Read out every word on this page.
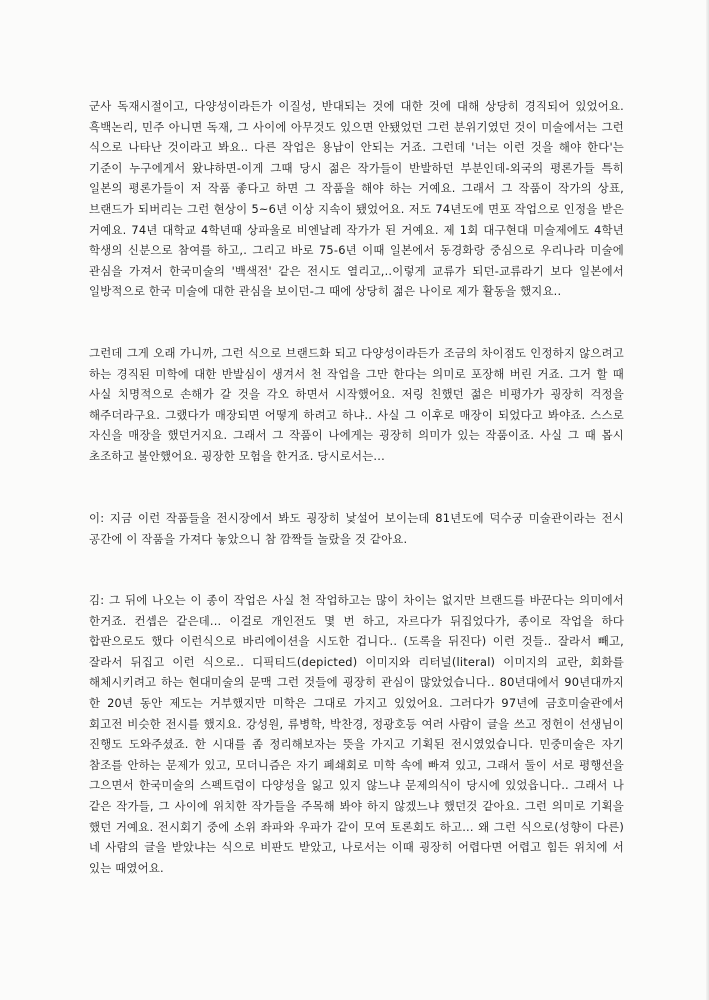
군사 독재시절이고, 다양성이라든가 이질성, 반대되는 것에 대한 것에 대해 상당히 경직되어 있었어요. 흑백논리, 민주 아니면 독재, 그 사이에 아무것도 있으면 안됐었던 그런 분위기였던 것이 미술에서는 그런 식으로 나타난 것이라고 봐요.. 다른 작업은 용납이 안되는 거죠. 그런데 '너는 이런 것을 해야 한다'는 기준이 누구에게서 왔냐하면-이게 그때 당시 젊은 작가들이 반발하던 부분인데-외국의 평론가들 특히 일본의 평론가들이 저 작품 좋다고 하면 그 작품을 해야 하는 거예요. 그래서 그 작품이 작가의 상표, 브랜드가 되버리는 그런 현상이 5~6년 이상 지속이 됐었어요. 저도 74년도에 면포 작업으로 인정을 받은 거예요. 74년 대학교 4학년때 상파울로 비엔날레 작가가 된 거예요. 제 1회 대구현대 미술제에도 4학년 학생의 신분으로 참여를 하고,. 그리고 바로 75-6년 이때 일본에서 동경화랑 중심으로 우리나라 미술에 관심을 가져서 한국미술의 '백색전' 같은 전시도 열리고,..이렇게 교류가 되던-교류라기 보다 일본에서 일방적으로 한국 미술에 대한 관심을 보이던-그 때에 상당히 젊은 나이로 제가 활동을 했지요..

그런데 그게 오래 가니까, 그런 식으로 브랜드화 되고 다양성이라든가 조금의 차이점도 인정하지 않으려고 하는 경직된 미학에 대한 반발심이 생겨서 천 작업을 그만 한다는 의미로 포장해 버린 거죠. 그거 할 때 사실 치명적으로 손해가 갈 것을 각오 하면서 시작했어요. 저링 친했던 젊은 비평가가 굉장히 걱정을 해주더라구요. 그랬다가 매장되면 어떻게 하려고 하냐.. 사실 그 이후로 매장이 되었다고 봐야죠. 스스로 자신을 매장을 했던거지요. 그래서 그 작품이 나에게는 굉장히 의미가 있는 작품이죠. 사실 그 때 몹시 초조하고 불안했어요. 굉장한 모험을 한거죠. 당시로서는...

이: 지금 이런 작품들을 전시장에서 봐도 굉장히 낯설어 보이는데 81년도에 덕수궁 미술관이라는 전시 공간에 이 작품을 가져다 놓았으니 참 깜짝들 놀랐을 것 같아요.

김: 그 뒤에 나오는 이 종이 작업은 사실 천 작업하고는 많이 차이는 없지만 브랜드를 바꾼다는 의미에서 한거죠. 컨셉은 같은데... 이걸로 개인전도 몇 번 하고, 자르다가 뒤집었다가, 종이로 작업을 하다 합판으로도 했다 이런식으로 바리에이션을 시도한 겁니다.. (도록을 뒤진다) 이런 것들.. 잘라서 빼고, 잘라서 뒤집고 이런 식으로.. 디픽티드(depicted) 이미지와 리터널(literal) 이미지의 교란, 회화를 해체시키려고 하는 현대미술의 문맥 그런 것들에 굉장히 관심이 많았었습니다.. 80년대에서 90년대까지 한 20년 동안 제도는 거부했지만 미학은 그대로 가지고 있었어요. 그러다가 97년에 금호미술관에서 회고전 비슷한 전시를 했지요. 강성원, 류병학, 박찬경, 정광호등 여러 사람이 글을 쓰고 정헌이 선생님이 진행도 도와주셨죠. 한 시대를 좀 정리해보자는 뜻을 가지고 기획된 전시였었습니다. 민중미술은 자기 참조를 안하는 문제가 있고, 모더니즘은 자기 폐쇄회로 미학 속에 빠져 있고, 그래서 둘이 서로 평행선을 그으면서 한국미술의 스펙트럼이 다양성을 잃고 있지 않느냐 문제의식이 당시에 있었읍니다.. 그래서 나 같은 작가들, 그 사이에 위치한 작가들을 주목해 봐야 하지 않겠느냐 했던것 같아요. 그런 의미로 기획을 했던 거예요. 전시회기 중에 소위 좌파와 우파가 같이 모여 토론회도 하고... 왜 그런 식으로(성향이 다른) 네 사람의 글을 받았냐는 식으로 비판도 받았고, 나로서는 이때 굉장히 어렵다면 어렵고 힘든 위치에 서 있는 때였어요.
